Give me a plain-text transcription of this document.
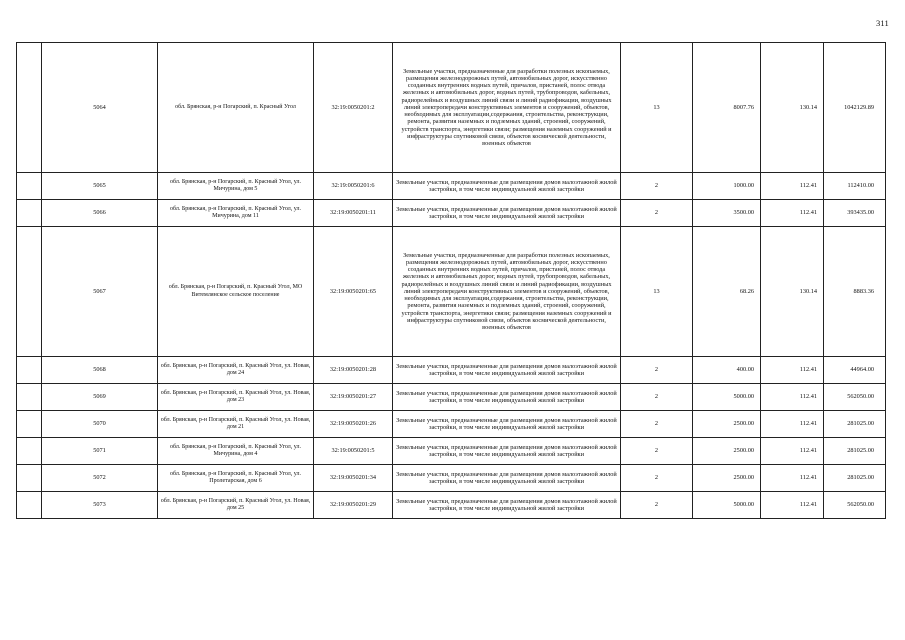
311
	5064	обл. Брянская, р-н Погарский, п. Красный Угол	32:19:0050201:2	Земельные участки, предназначенные для разработки полезных ископаемых, размещения железнодорожных путей, автомобильных дорог, искусственно созданных внутренних водных путей, причалов, пристаней, полос отвода железных и автомобильных дорог, водных путей, трубопроводов, кабельных, радиорелейных и воздушных линий связи и линий радиофикации, воздушных линий электропередачи конструктивных элементов и сооружений, объектов, необходимых для эксплуатации,содержания, строительства, реконструкции, ремонта, развития наземных и подземных зданий, строений, сооружений, устройств транспорта, энергетики связи; размещения наземных сооружений и инфраструктуры спутниковой связи, объектов космической деятельности, военных объектов	13	8007.76	130.14	1042129.89
	5065	обл. Брянская, р-н Погарский, п. Красный Угол, ул. Мичурина, дом 5	32:19:0050201:6	Земельные участки, предназначенные для размещения домов малоэтажной жилой застройки, в том числе индивидуальной жилой застройки	2	1000.00	112.41	112410.00
	5066	обл. Брянская, р-н Погарский, п. Красный Угол, ул. Мичурина, дом 11	32:19:0050201:11	Земельные участки, предназначенные для размещения домов малоэтажной жилой застройки, в том числе индивидуальной жилой застройки	2	3500.00	112.41	393435.00
	5067	обл. Брянская, р-н Погарский, п. Красный Угол, МО Витемлянское сельское поселение	32:19:0050201:65	Земельные участки, предназначенные для разработки полезных ископаемых, размещения железнодорожных путей, автомобильных дорог, искусственно созданных внутренних водных путей, причалов, пристаней, полос отвода железных и автомобильных дорог, водных путей, трубопроводов, кабельных, радиорелейных и воздушных линий связи и линий радиофикации, воздушных линий электропередачи конструктивных элементов и сооружений, объектов, необходимых для эксплуатации,содержания, строительства, реконструкции, ремонта, развития наземных и подземных зданий, строений, сооружений, устройств транспорта, энергетики связи; размещения наземных сооружений и инфраструктуры спутниковой связи, объектов космической деятельности, военных объектов	13	68.26	130.14	8883.36
	5068	обл. Брянская, р-н Погарский, п. Красный Угол, ул. Новая, дом 24	32:19:0050201:28	Земельные участки, предназначенные для размещения домов малоэтажной жилой застройки, в том числе индивидуальной жилой застройки	2	400.00	112.41	44964.00
	5069	обл. Брянская, р-н Погарский, п. Красный Угол, ул. Новая, дом 23	32:19:0050201:27	Земельные участки, предназначенные для размещения домов малоэтажной жилой застройки, в том числе индивидуальной жилой застройки	2	5000.00	112.41	562050.00
	5070	обл. Брянская, р-н Погарский, п. Красный Угол, ул. Новая, дом 21	32:19:0050201:26	Земельные участки, предназначенные для размещения домов малоэтажной жилой застройки, в том числе индивидуальной жилой застройки	2	2500.00	112.41	281025.00
	5071	обл. Брянская, р-н Погарский, п. Красный Угол, ул. Мичурина, дом 4	32:19:0050201:5	Земельные участки, предназначенные для размещения домов малоэтажной жилой застройки, в том числе индивидуальной жилой застройки	2	2500.00	112.41	281025.00
	5072	обл. Брянская, р-н Погарский, п. Красный Угол, ул. Пролетарская, дом 6	32:19:0050201:34	Земельные участки, предназначенные для размещения домов малоэтажной жилой застройки, в том числе индивидуальной жилой застройки	2	2500.00	112.41	281025.00
	5073	обл. Брянская, р-н Погарский, п. Красный Угол, ул. Новая, дом 25	32:19:0050201:29	Земельные участки, предназначенные для размещения домов малоэтажной жилой застройки, в том числе индивидуальной жилой застройки	2	5000.00	112.41	562050.00
